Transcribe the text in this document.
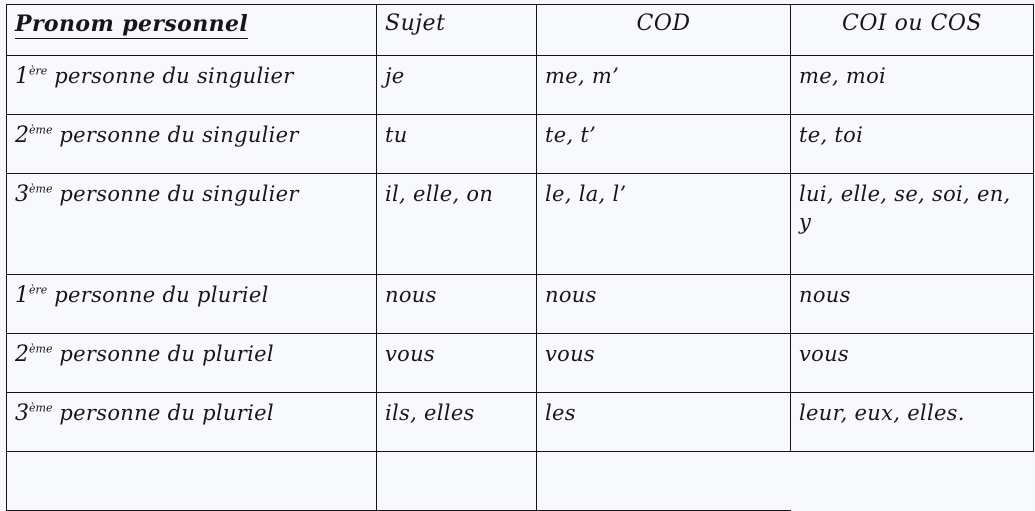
Pronom personnel	Sujet	COD	COI ou COS

1ère personne du singulier	je	me, m’	me, moi
2ème personne du singulier	tu	te, t’	te, toi
3ème personne du singulier	il, elle, on	le, la, l’	lui, elle, se, soi, en, y
1ère personne du pluriel	nous	nous	nous
2ème personne du pluriel	vous	vous	vous
3ème personne du pluriel	ils, elles	les	leur, eux, elles.
